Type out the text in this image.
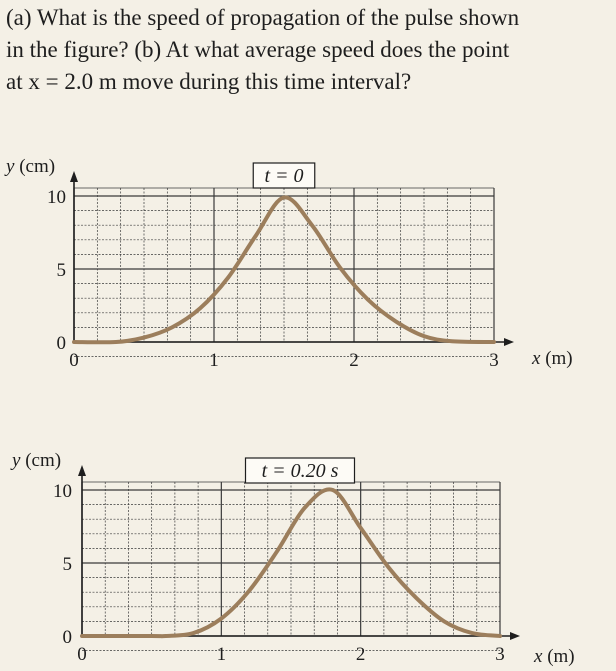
(a) What is the speed of propagation of the pulse shown

in the figure? (b) At what average speed does the point

at x = 2.0 m move during this time interval?

0
5
10
0	1	2	3
t = 0
y (cm)
x (m)
0
5
10
0	1	2	3
t = 0.20 s
y (cm)
x (m)
